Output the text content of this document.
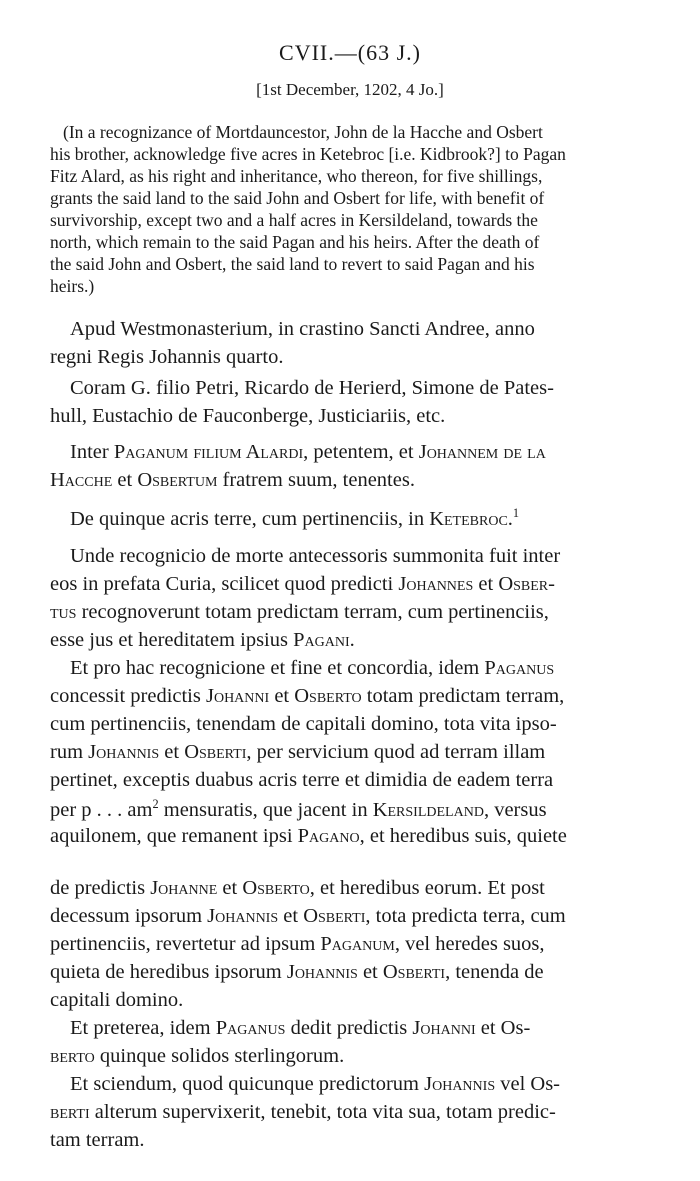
CVII.—(63 J.)
[1st December, 1202, 4 Jo.]
(In a recognizance of Mortdauncestor, John de la Hacche and Osbert
his brother, acknowledge five acres in Ketebroc [i.e. Kidbrook?] to Pagan
Fitz Alard, as his right and inheritance, who thereon, for five shillings,
grants the said land to the said John and Osbert for life, with benefit of
survivorship, except two and a half acres in Kersildeland, towards the
north, which remain to the said Pagan and his heirs. After the death of
the said John and Osbert, the said land to revert to said Pagan and his
heirs.)
Apud Westmonasterium, in crastino Sancti Andree, anno
regni Regis Johannis quarto.
Coram G. filio Petri, Ricardo de Herierd, Simone de Pates-
hull, Eustachio de Fauconberge, Justiciariis, etc.
Inter Paganum filium Alardi, petentem, et Johannem de la
Hacche et Osbertum fratrem suum, tenentes.
De quinque acris terre, cum pertinenciis, in Ketebroc.$^1$
Unde recognicio de morte antecessoris summonita fuit inter
eos in prefata Curia, scilicet quod predicti Johannes et Osber-
tus recognoverunt totam predictam terram, cum pertinenciis,
esse jus et hereditatem ipsius Pagani.
Et pro hac recognicione et fine et concordia, idem Paganus
concessit predictis Johanni et Osberto totam predictam terram,
cum pertinenciis, tenendam de capitali domino, tota vita ipso-
rum Johannis et Osberti, per servicium quod ad terram illam
pertinet, exceptis duabus acris terre et dimidia de eadem terra
per p . . . $am^2$ mensuratis, que jacent in Kersildeland, versus
aquilonem, que remanent ipsi Pagano, et heredibus suis, quiete
de predictis Johanne et Osberto, et heredibus eorum. Et post
decessum ipsorum Johannis et Osberti, tota predicta terra, cum
pertinenciis, revertetur ad ipsum Paganum, vel heredes suos,
quieta de heredibus ipsorum Johannis et Osberti, tenenda de
capitali domino.
Et preterea, idem Paganus dedit predictis Johanni et Os-
berto quinque solidos sterlingorum.
Et sciendum, quod quicunque predictorum Johannis vel Os-
berti alterum supervixerit, tenebit, tota vita sua, totam predic-
tam terram.
